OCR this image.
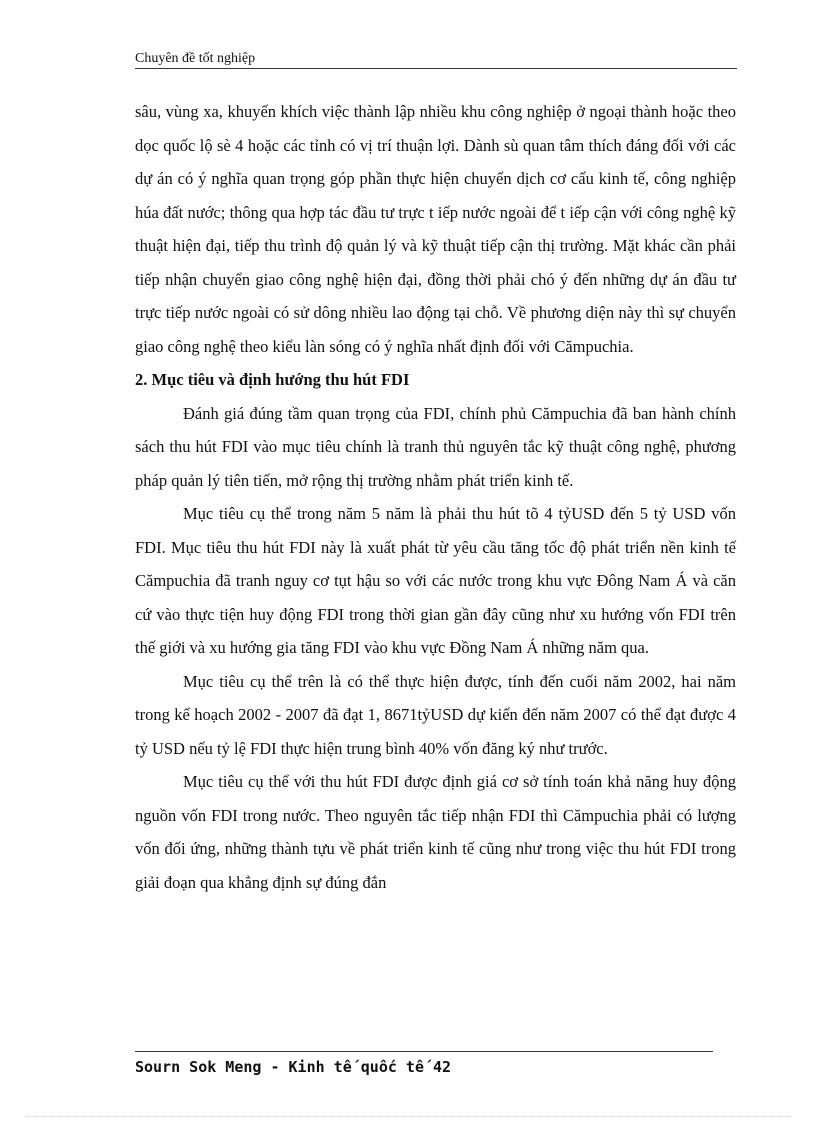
Chuyên đề tốt nghiệp

sâu, vùng xa, khuyến khích việc thành lập nhiều khu công nghiệp ở ngoại thành hoặc theo dọc quốc lộ sè 4 hoặc các tỉnh có vị trí thuận lợi. Dành sù quan tâm thích đáng đối với các dự án có ý nghĩa quan trọng góp phần thực hiện chuyển dịch cơ cấu kinh tế, công nghiệp húa đất nước; thông qua hợp tác đầu tư trực t iếp nước ngoài để t iếp cận với công nghệ kỹ thuật hiện đại, tiếp thu trình độ quản lý và kỹ thuật tiếp cận thị trường. Mặt khác cần phải tiếp nhận chuyển giao công nghệ hiện đại, đồng thời phải chó ý đến những dự án đầu tư trực tiếp nước ngoài có sử dông nhiều lao động tại chỗ. Về phương diện này thì sự chuyển giao công nghệ theo kiểu làn sóng có ý nghĩa nhất định đối với Cămpuchia.

2. Mục tiêu và định hướng thu hút FDI

Đánh giá đúng tầm quan trọng của FDI, chính phủ Cămpuchia đã ban hành chính sách thu hút FDI vào mục tiêu chính là tranh thủ nguyên tắc kỹ thuật công nghệ, phương pháp quản lý tiên tiến, mở rộng thị trường nhằm phát triển kinh tế.

Mục tiêu cụ thể trong năm 5 năm là phải thu hút tõ 4 tỷUSD đến 5 tỷ USD vốn FDI. Mục tiêu thu hút FDI này là xuất phát từ yêu cầu tăng tốc độ phát triển nền kinh tế Cămpuchia đã tranh nguy cơ tụt hậu so với các nước trong khu vực Đông Nam Á và căn cứ vào thực tiện huy động FDI trong thời gian gần đây cũng như xu hướng vốn FDI trên thế giới và xu hướng gia tăng FDI vào khu vực Đồng Nam Á những năm qua.

Mục tiêu cụ thể trên là có thể thực hiện được, tính đến cuối năm 2002, hai năm trong kế hoạch 2002 - 2007 đã đạt 1, 8671tỷUSD dự kiến đến năm 2007 có thể đạt được 4 tỷ USD nếu tỷ lệ FDI thực hiện trung bình 40% vốn đăng ký như trước.

Mục tiêu cụ thể với thu hút FDI được định giá cơ sở tính toán khả năng huy động nguồn vốn FDI trong nước. Theo nguyên tắc tiếp nhận FDI thì Cămpuchia phải có lượng vốn đối ứng, những thành tựu về phát triển kinh tế cũng như trong việc thu hút FDI trong giải đoạn qua khẳng định sự đúng đắn

Sourn Sok Meng - Kinh tế quốc tế 42
